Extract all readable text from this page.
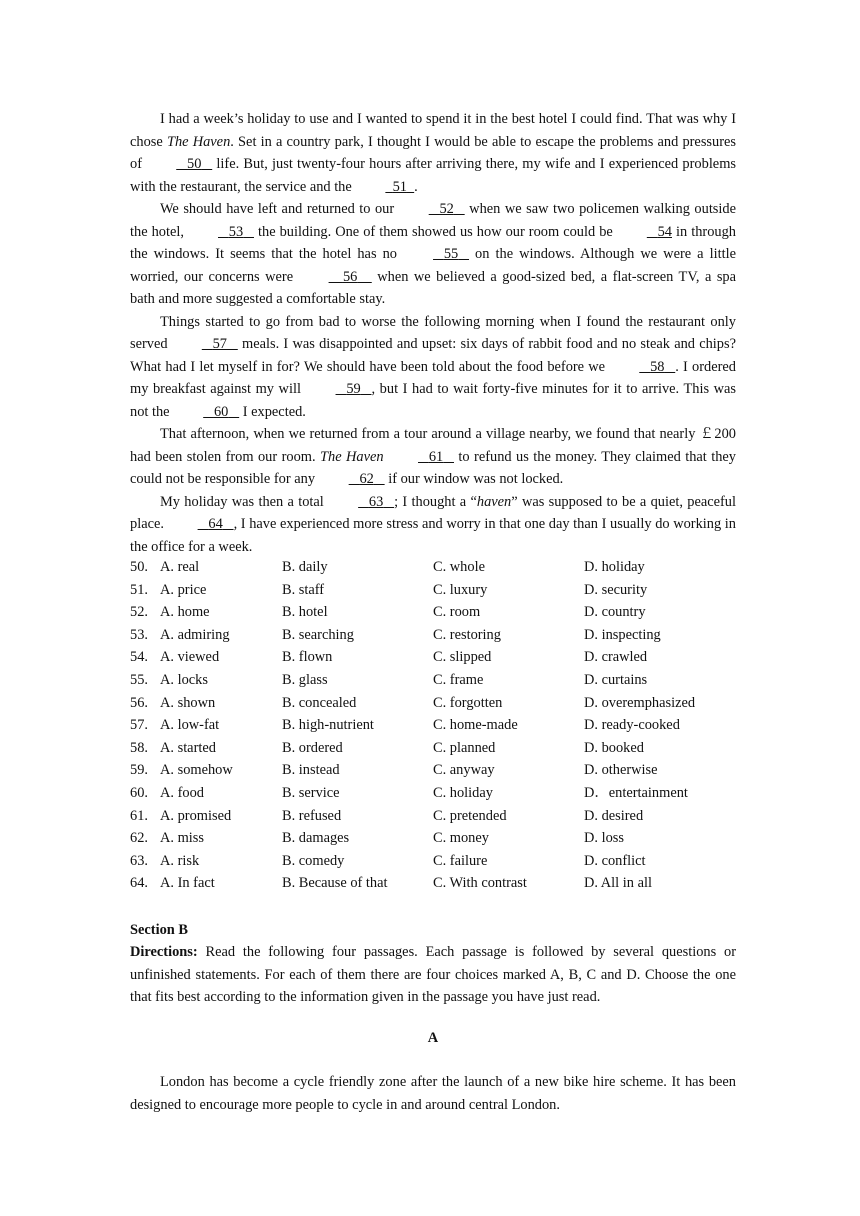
I had a week’s holiday to use and I wanted to spend it in the best hotel I could find. That was why I chose The Haven. Set in a country park, I thought I would be able to escape the problems and pressures of	50    life. But, just twenty-four hours after arriving there, my wife and I experienced problems with the restaurant, the service and the	51 .

We should have left and returned to our	52    when we saw two policemen walking outside the hotel,	53    the building. One of them showed us how our room could be	54 in through the windows. It seems that the hotel has no	55    on the windows. Although we were a little worried, our concerns were	56     when we believed a good-sized bed, a flat-screen TV, a spa bath and more suggested a comfortable stay.

Things started to go from bad to worse the following morning when I found the restaurant only served	57    meals. I was disappointed and upset: six days of rabbit food and no steak and chips? What had I let myself in for? We should have been told about the food before we	58 . I ordered my breakfast against my will	59 , but I had to wait forty-five minutes for it to arrive. This was not the	60    I expected.

That afternoon, when we returned from a tour around a village nearby, we found that nearly ￡200 had been stolen from our room. The Haven	61    to refund us the money. They claimed that they could not be responsible for any	62    if our window was not locked.

My holiday was then a total	63 ; I thought a “haven” was supposed to be a quiet, peaceful place.	64 , I have experienced more stress and worry in that one day than I usually do working in the office for a week.

50. A. real	B. daily	C. whole	D. holiday
51. A. price	B. staff	C. luxury	D. security
52. A. home	B. hotel	C. room	D. country
53. A. admiring	B. searching	C. restoring	D. inspecting
54. A. viewed	B. flown	C. slipped	D. crawled
55. A. locks	B. glass	C. frame	D. curtains
56. A. shown	B. concealed	C. forgotten	D. overemphasized
57. A. low-fat	B. high-nutrient	C. home-made	D. ready-cooked
58. A. started	B. ordered	C. planned	D. booked
59. A. somehow	B. instead	C. anyway	D. otherwise
60. A. food	B. service	C. holiday	D．entertainment
61. A. promised	B. refused	C. pretended	D. desired
62. A. miss	B. damages	C. money	D. loss
63. A. risk	B. comedy	C. failure	D. conflict
64. A. In fact	B. Because of that	C. With contrast	D. All in all
Section B

Directions: Read the following four passages. Each passage is followed by several questions or unfinished statements. For each of them there are four choices marked A, B, C and D. Choose the one that fits best according to the information given in the passage you have just read.

A

London has become a cycle friendly zone after the launch of a new bike hire scheme. It has been designed to encourage more people to cycle in and around central London.
